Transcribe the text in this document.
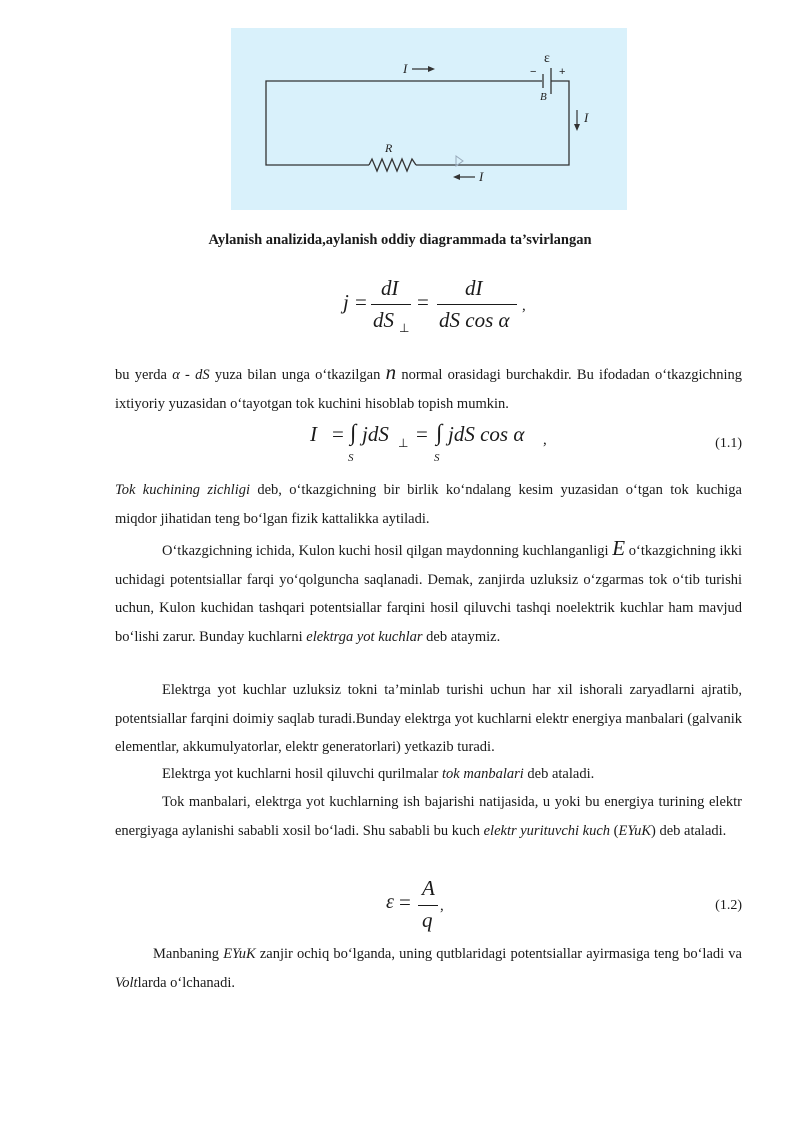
I
I
I
R
B
ε
− +
Aylanish analizida,aylanish oddiy diagrammada ta’svirlangan
j =
dI
dS ⊥
=
dI
dS cos α
,

bu yerda α - dS yuza bilan unga o‘tkazilgan n normal orasidagi burchakdir. Bu ifodadan o‘tkazgichning ixtiyoriy yuzasidan o‘tayotgan tok kuchini hisoblab topish mumkin.

I = ∫
S
jdS ⊥ = ∫
S
jdS cos α ,	(1.1)

Tok kuchining zichligi deb, o‘tkazgichning bir birlik ko‘ndalang kesim yuzasidan o‘tgan tok kuchiga miqdor jihatidan teng bo‘lgan fizik kattalikka aytiladi.

O‘tkazgichning ichida, Kulon kuchi hosil qilgan maydonning kuchlanganligi E o‘tkazgichning ikki uchidagi potentsiallar farqi yo‘qolguncha saqlanadi. Demak, zanjirda uzluksiz o‘zgarmas tok o‘tib turishi uchun, Kulon kuchidan tashqari potentsiallar farqini hosil qiluvchi tashqi noelektrik kuchlar ham mavjud bo‘lishi zarur. Bunday kuchlarni elektrga yot kuchlar deb ataymiz.

Elektrga yot kuchlar uzluksiz tokni ta’minlab turishi uchun har xil ishorali zaryadlarni ajratib, potentsiallar farqini doimiy saqlab turadi.Bunday elektrga yot kuchlarni elektr energiya manbalari (galvanik elementlar, akkumulyatorlar, elektr generatorlari) yetkazib turadi.

Elektrga yot kuchlarni hosil qiluvchi qurilmalar tok manbalari deb ataladi.

Tok manbalari, elektrga yot kuchlarning ish bajarishi natijasida, u yoki bu energiya turining elektr energiyaga aylanishi sababli xosil bo‘ladi. Shu sababli bu kuch elektr yurituvchi kuch (EYuK) deb ataladi.

ε =
A
q
,	(1.2)

Manbaning EYuK zanjir ochiq bo‘lganda, uning qutblaridagi potentsiallar ayirmasiga teng bo‘ladi va Voltlarda o‘lchanadi.
